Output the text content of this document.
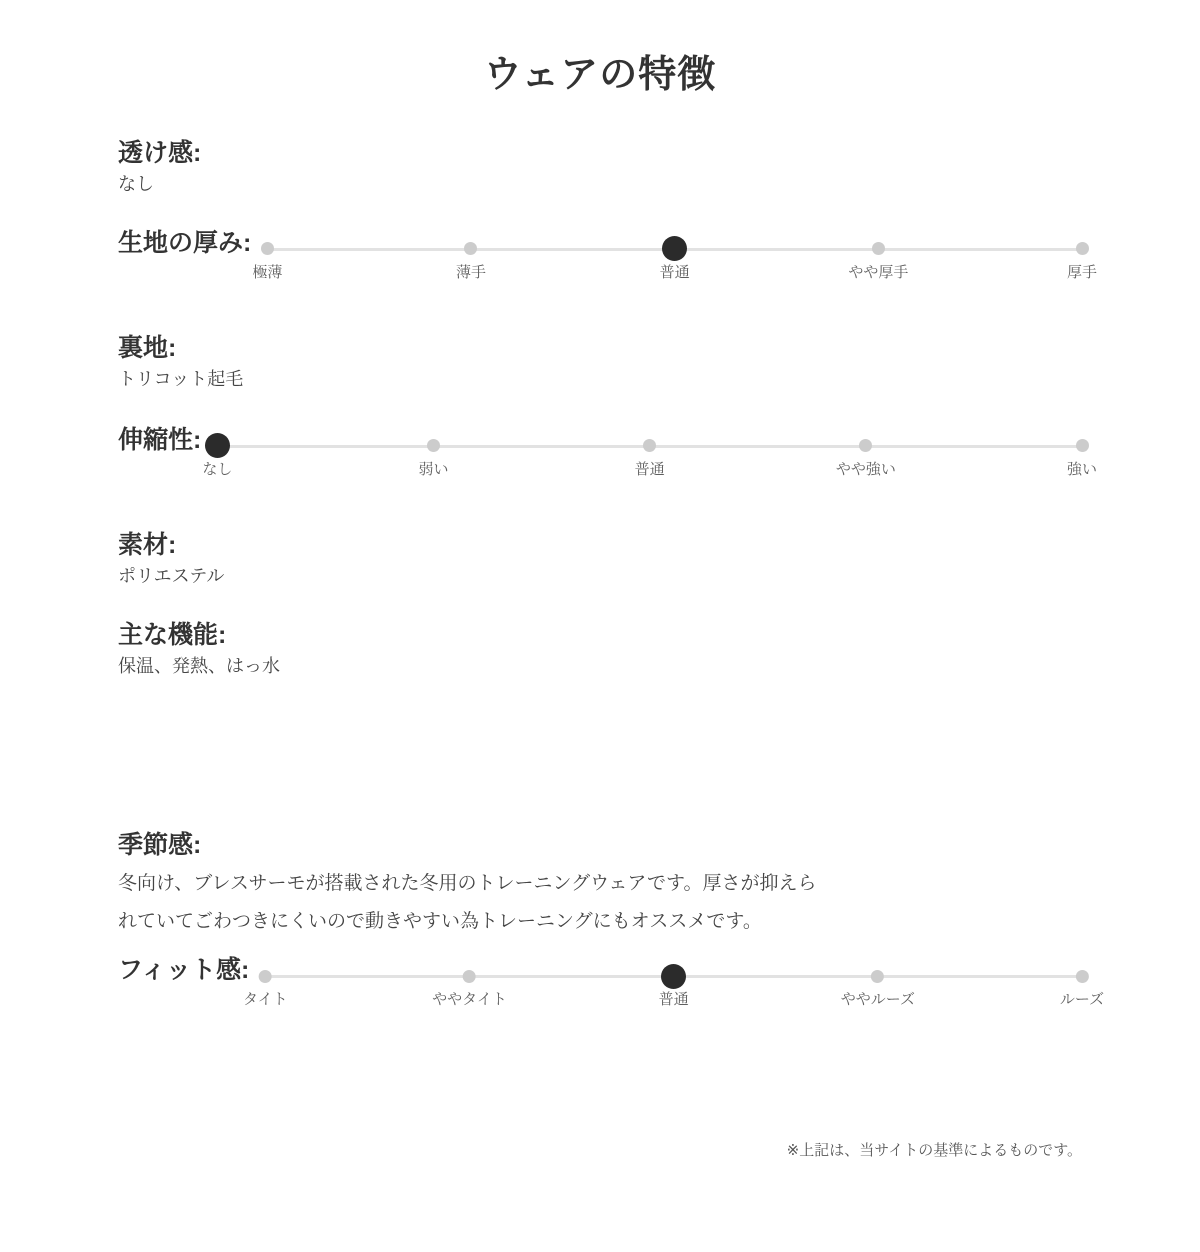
ウェアの特徴
透け感:

なし

生地の厚み:
極薄	薄手	普通	やや厚手	厚手
裏地:

トリコット起毛

伸縮性:
なし	弱い	普通	やや強い	強い
素材:

ポリエステル

主な機能:

保温、発熱、はっ水

季節感:

冬向け、ブレスサーモが搭載された冬用のトレーニングウェアです。厚さが抑えられていてごわつきにくいので動きやすい為トレーニングにもオススメです。

フィット感:
タイト	ややタイト	普通	ややルーズ	ルーズ

※上記は、当サイトの基準によるものです。
